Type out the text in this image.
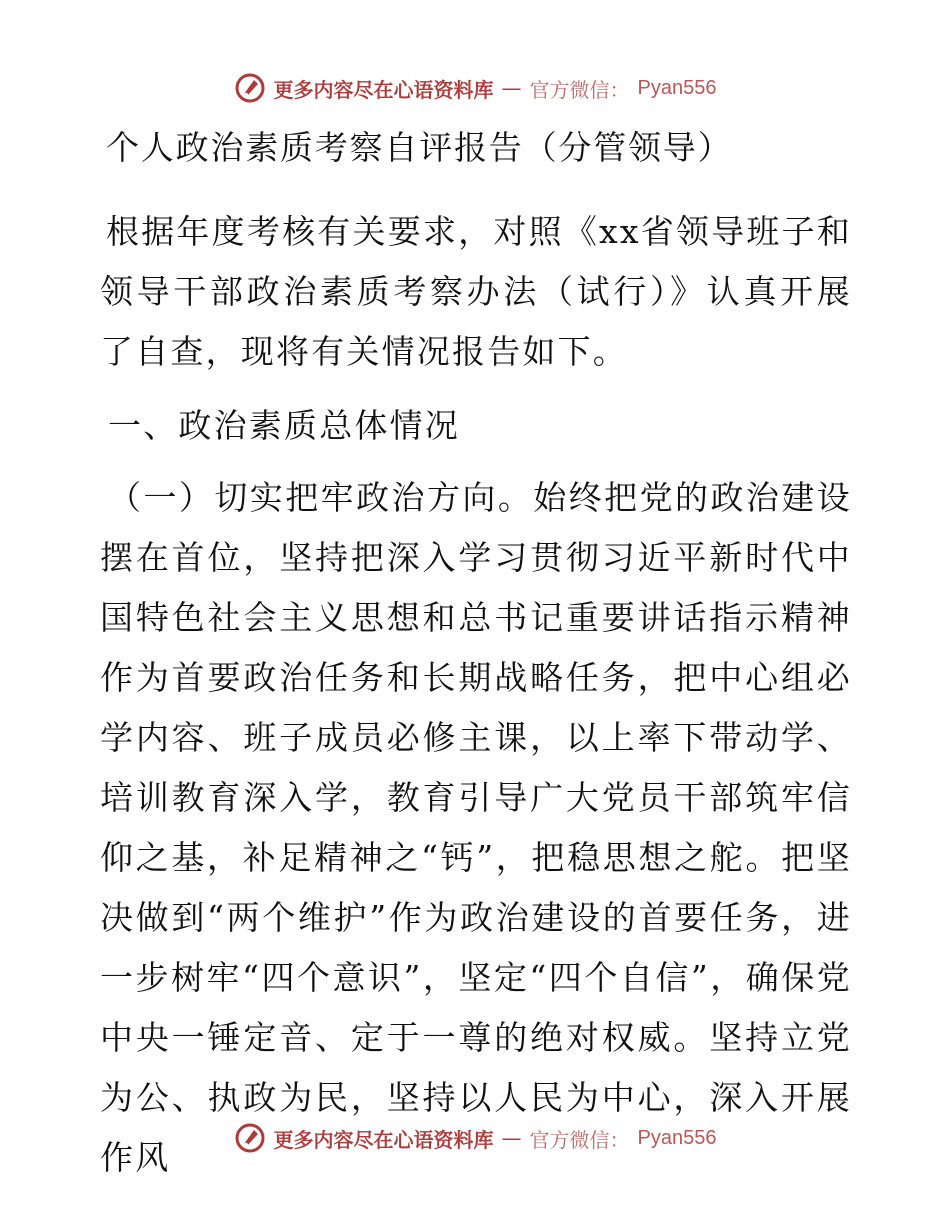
更多内容尽在心语资料库 — 官方微信： Pyan556
个人政治素质考察自评报告（分管领导）

根据年度考核有关要求，对照《xx省领导班子和领导干部政治素质考察办法（试行）》认真开展了自查，现将有关情况报告如下。

一、政治素质总体情况

（一）切实把牢政治方向。始终把党的政治建设摆在首位，坚持把深入学习贯彻习近平新时代中国特色社会主义思想和总书记重要讲话指示精神作为首要政治任务和长期战略任务，把中心组必学内容、班子成员必修主课，以上率下带动学、培训教育深入学，教育引导广大党员干部筑牢信仰之基，补足精神之“钙”，把稳思想之舵。把坚决做到“两个维护”作为政治建设的首要任务，进一步树牢“四个意识”，坚定“四个自信”，确保党中央一锤定音、定于一尊的绝对权威。坚持立党为公、执政为民，坚持以人民为中心，深入开展作风	更多内容尽在心语资料库 — 官方微信： Pyan556
